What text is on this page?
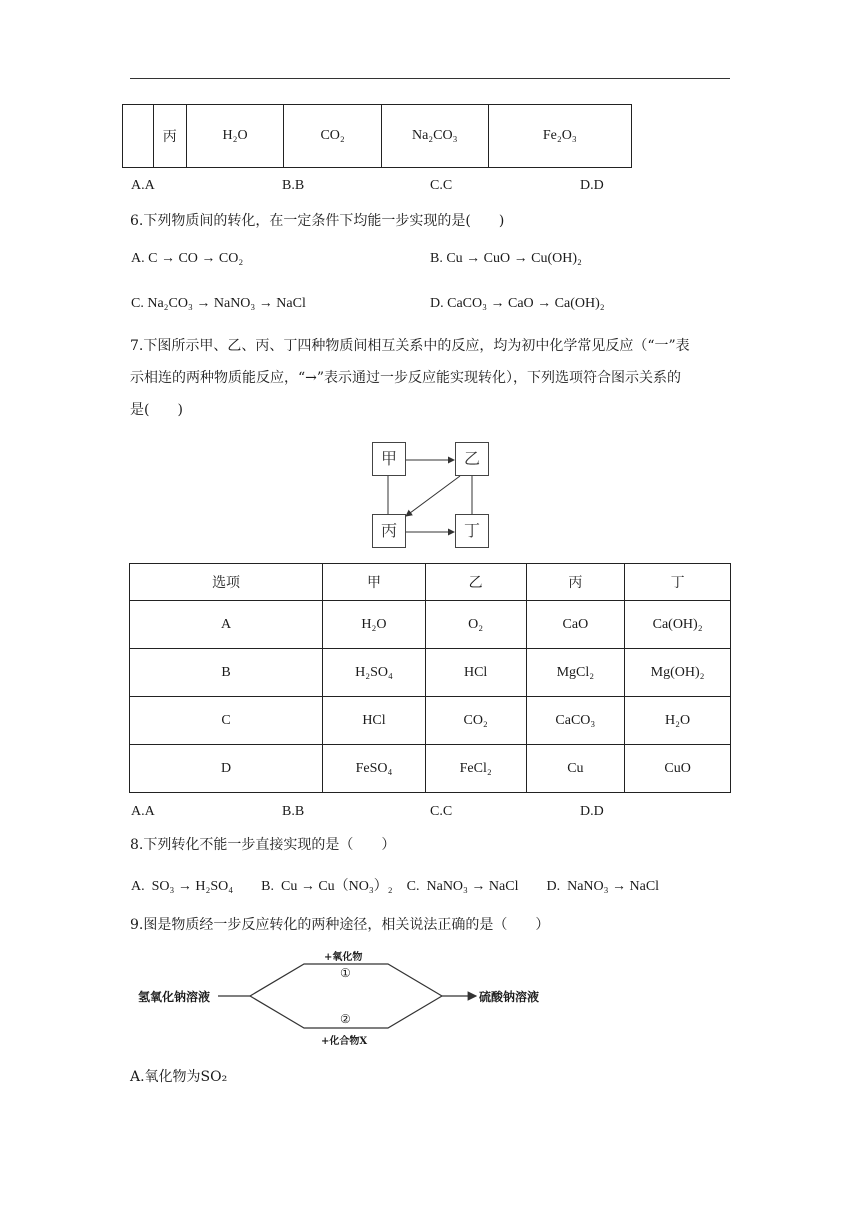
	丙	H₂O	CO₂	Na₂CO₃	Fe₂O₃
A.A	B.B	C.C	D.D
6.下列物质间的转化，在一定条件下均能一步实现的是(　　)
A. C → CO → CO₂	B. Cu → CuO → Cu(OH)₂
C. Na₂CO₃ → NaNO₃ → NaCl	D. CaCO₃ → CaO → Ca(OH)₂
7.下图所示甲、乙、丙、丁四种物质间相互关系中的反应，均为初中化学常见反应（“一”表
示相连的两种物质能反应，“→”表示通过一步反应能实现转化），下列选项符合图示关系的
是(　　)
甲	乙
丙	丁
选项	甲	乙	丙	丁
A	H₂O	O₂	CaO	Ca(OH)₂
B	H₂SO₄	HCl	MgCl₂	Mg(OH)₂
C	HCl	CO₂	CaCO₃	H₂O
D	FeSO₄	FeCl₂	Cu	CuO
A.A	B.B	C.C	D.D
8.下列转化不能一步直接实现的是（　　）
A.  SO₃ → H₂SO₄　　B.  Cu → Cu（NO₃）₂　C.  NaNO₃ → NaCl　　D.  NaNO₃ → NaCl
9.图是物质经一步反应转化的两种途径，相关说法正确的是（　　）
氢氧化钠溶液	硫酸钠溶液
+氧化物
①
②
+化合物X
A.氧化物为SO₂
